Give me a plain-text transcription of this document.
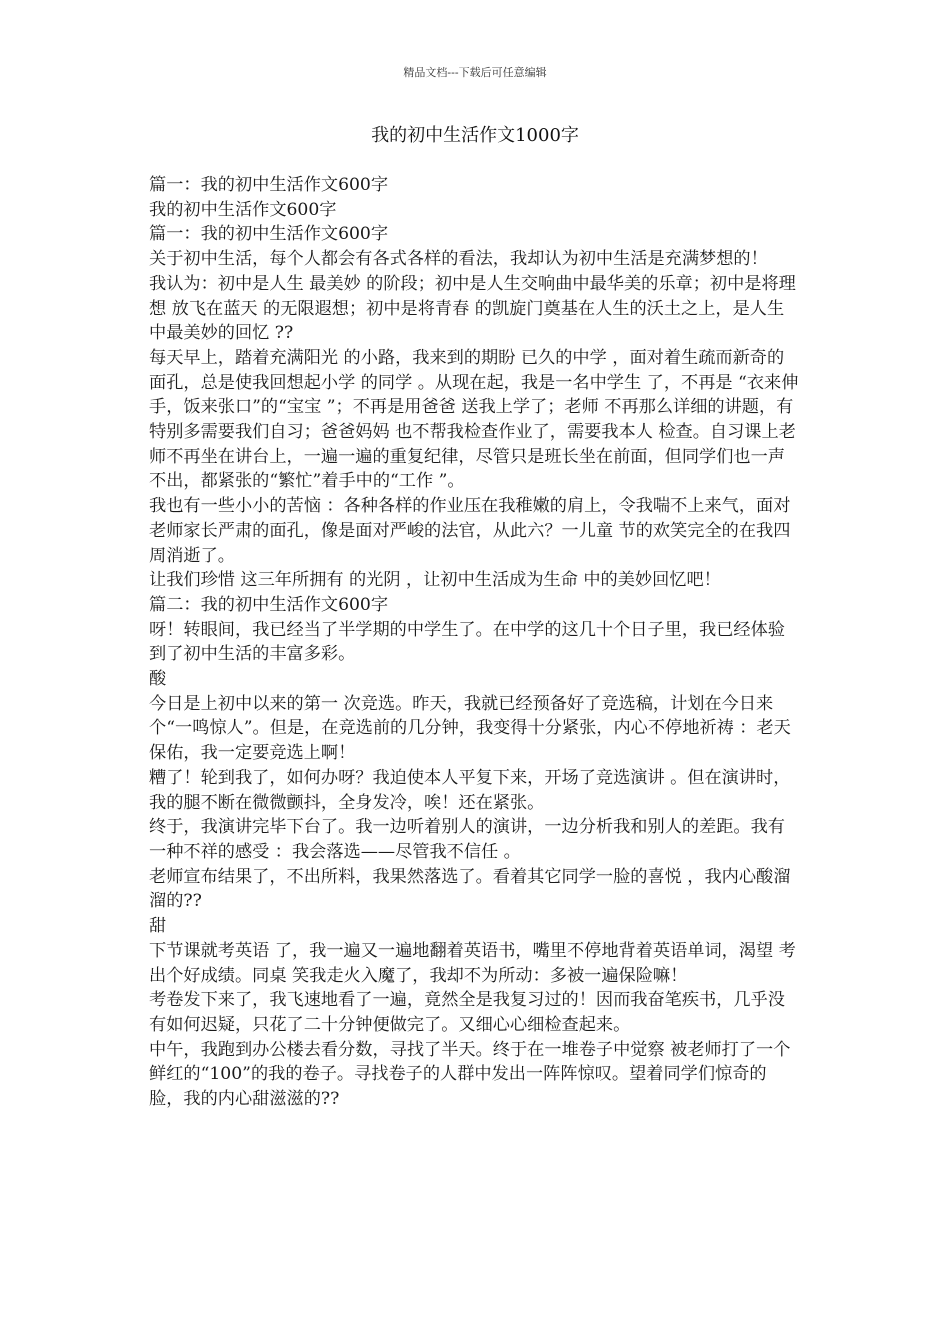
精品文档---下载后可任意编辑
我的初中生活作文1000字

篇一：我的初中生活作文600字

我的初中生活作文600字

篇一：我的初中生活作文600字

关于初中生活，每个人都会有各式各样的看法，我却认为初中生活是充满梦想的！

我认为：初中是人生 最美妙 的阶段；初中是人生交响曲中最华美的乐章；初中是将理想 放飞在蓝天 的无限遐想；初中是将青春 的凯旋门奠基在人生的沃土之上，是人生中最美妙的回忆 ??

每天早上，踏着充满阳光 的小路，我来到的期盼 已久的中学 ，面对着生疏而新奇的面孔，总是使我回想起小学 的同学 。从现在起，我是一名中学生 了，不再是 “衣来伸手，饭来张口”的“宝宝 ”；不再是用爸爸 送我上学了；老师 不再那么详细的讲题，有特别多需要我们自习；爸爸妈妈 也不帮我检查作业了，需要我本人 检查。自习课上老师不再坐在讲台上，一遍一遍的重复纪律，尽管只是班长坐在前面，但同学们也一声不出，都紧张的“繁忙”着手中的“工作 ”。

我也有一些小小的苦恼 ：各种各样的作业压在我稚嫩的肩上，令我喘不上来气，面对老师家长严肃的面孔，像是面对严峻的法官，从此六？一儿童 节的欢笑完全的在我四周消逝了。

让我们珍惜 这三年所拥有 的光阴 ，让初中生活成为生命 中的美妙回忆吧！

篇二：我的初中生活作文600字

呀！转眼间，我已经当了半学期的中学生了。在中学的这几十个日子里，我已经体验到了初中生活的丰富多彩。

酸

今日是上初中以来的第一 次竞选。昨天，我就已经预备好了竞选稿，计划在今日来个“一鸣惊人”。但是，在竞选前的几分钟，我变得十分紧张，内心不停地祈祷 ：老天保佑，我一定要竞选上啊！

糟了！轮到我了，如何办呀？我迫使本人平复下来，开场了竞选演讲 。但在演讲时，我的腿不断在微微颤抖，全身发冷，唉！还在紧张。

终于，我演讲完毕下台了。我一边听着别人的演讲，一边分析我和别人的差距。我有一种不祥的感受 ：我会落选——尽管我不信任 。

老师宣布结果了，不出所料，我果然落选了。看着其它同学一脸的喜悦 ，我内心酸溜溜的??

甜

下节课就考英语 了，我一遍又一遍地翻着英语书，嘴里不停地背着英语单词，渴望 考出个好成绩。同桌 笑我走火入魔了，我却不为所动：多被一遍保险嘛！

考卷发下来了，我飞速地看了一遍，竟然全是我复习过的！因而我奋笔疾书，几乎没有如何迟疑，只花了二十分钟便做完了。又细心心细检查起来。

中午，我跑到办公楼去看分数，寻找了半天。终于在一堆卷子中觉察 被老师打了一个鲜红的“100”的我的卷子。寻找卷子的人群中发出一阵阵惊叹。望着同学们惊奇的脸，我的内心甜滋滋的??
